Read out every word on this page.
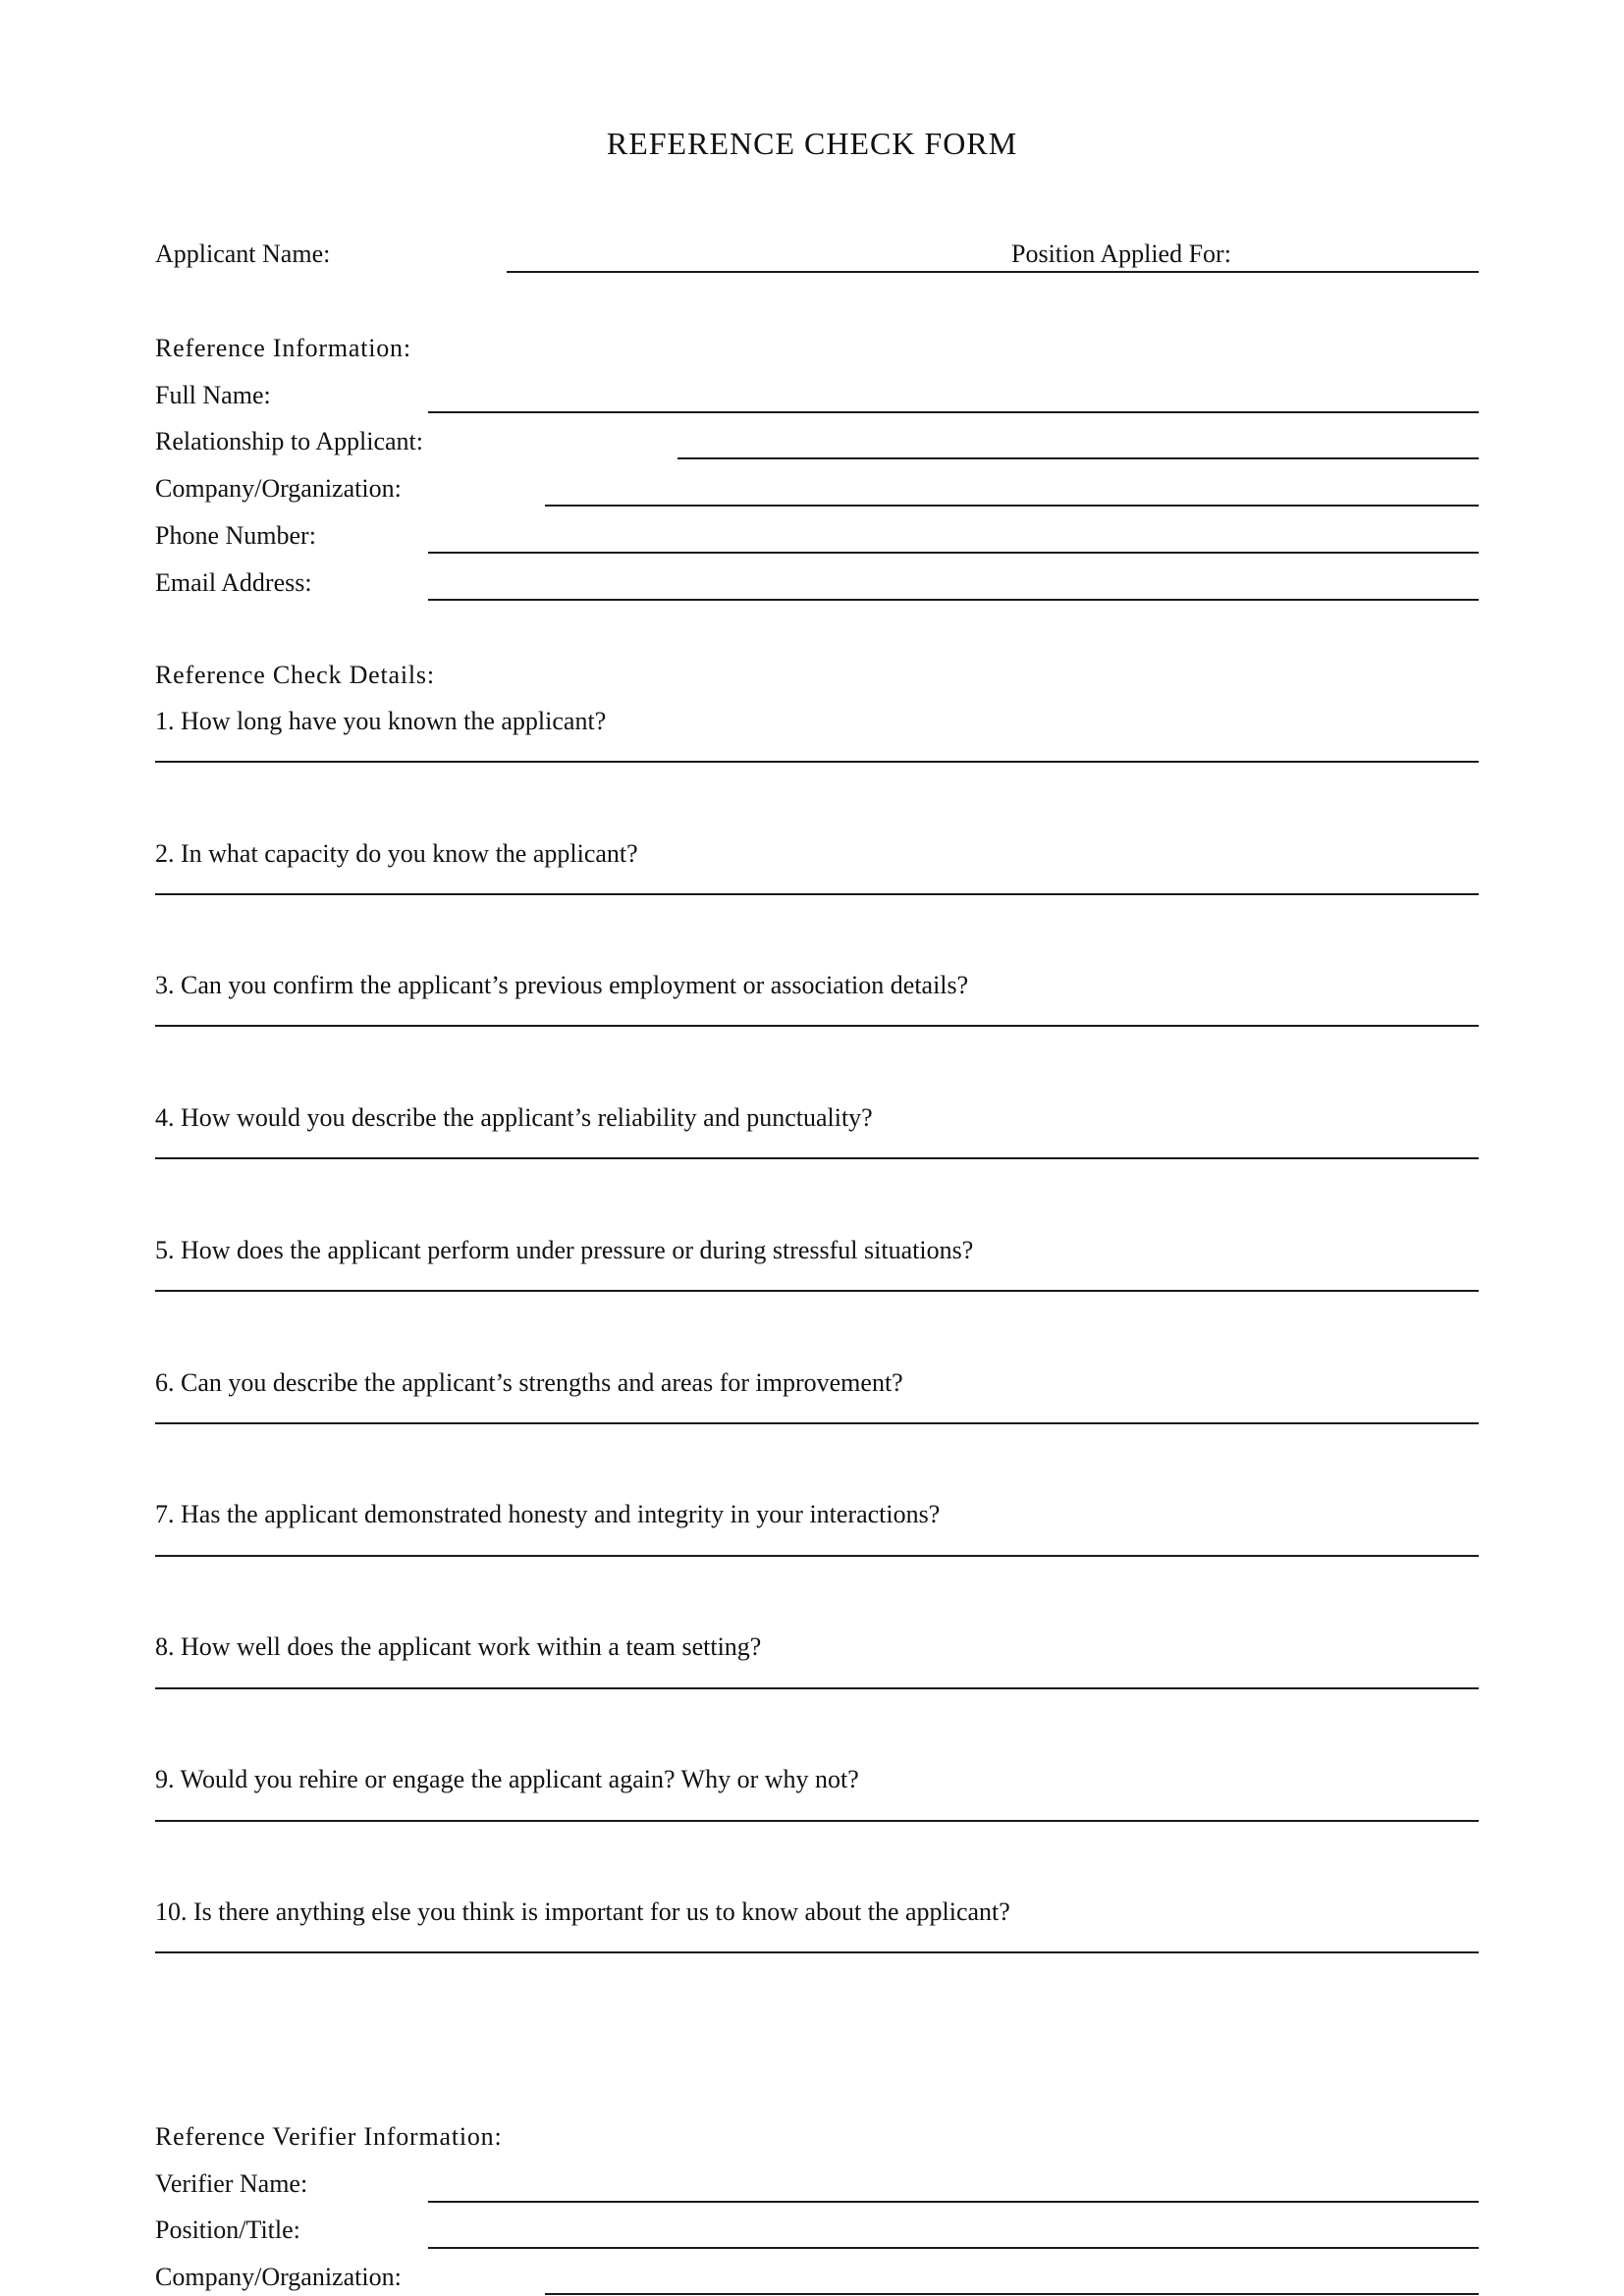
REFERENCE CHECK FORM
Applicant Name:	Position Applied For:
Reference Information:
Full Name:
Relationship to Applicant:
Company/Organization:
Phone Number:
Email Address:
Reference Check Details:
1. How long have you known the applicant?
2. In what capacity do you know the applicant?
3. Can you confirm the applicant’s previous employment or association details?
4. How would you describe the applicant’s reliability and punctuality?
5. How does the applicant perform under pressure or during stressful situations?
6. Can you describe the applicant’s strengths and areas for improvement?
7. Has the applicant demonstrated honesty and integrity in your interactions?
8. How well does the applicant work within a team setting?
9. Would you rehire or engage the applicant again? Why or why not?
10. Is there anything else you think is important for us to know about the applicant?
Reference Verifier Information:
Verifier Name:
Position/Title:
Company/Organization:
